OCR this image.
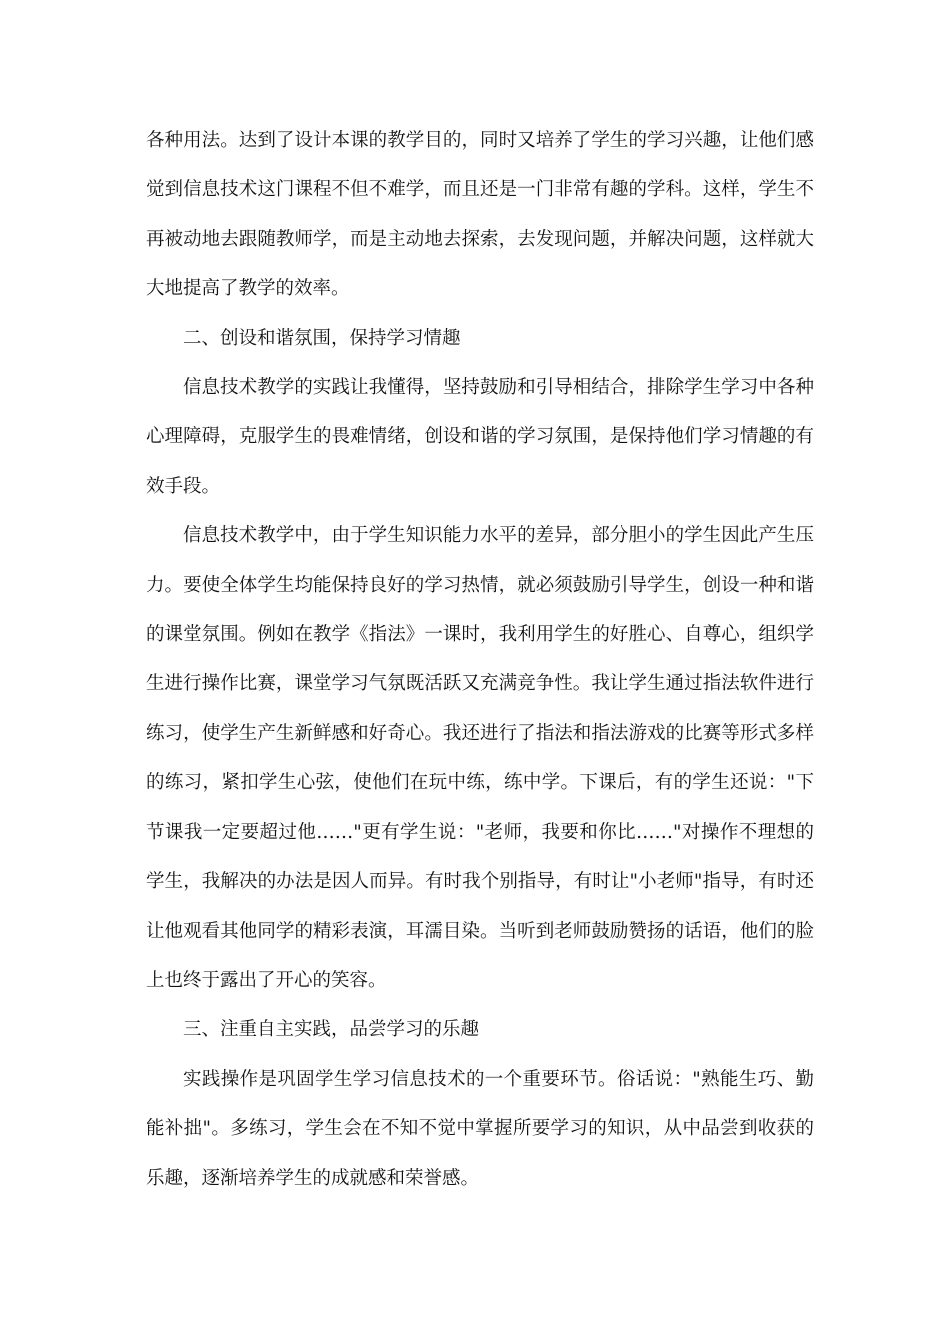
各种用法。达到了设计本课的教学目的，同时又培养了学生的学习兴趣，让他们感觉到信息技术这门课程不但不难学，而且还是一门非常有趣的学科。这样，学生不再被动地去跟随教师学，而是主动地去探索，去发现问题，并解决问题，这样就大大地提高了教学的效率。

二、创设和谐氛围，保持学习情趣

信息技术教学的实践让我懂得，坚持鼓励和引导相结合，排除学生学习中各种心理障碍，克服学生的畏难情绪，创设和谐的学习氛围，是保持他们学习情趣的有效手段。

信息技术教学中，由于学生知识能力水平的差异，部分胆小的学生因此产生压力。要使全体学生均能保持良好的学习热情，就必须鼓励引导学生，创设一种和谐的课堂氛围。例如在教学《指法》一课时，我利用学生的好胜心、自尊心，组织学生进行操作比赛，课堂学习气氛既活跃又充满竞争性。我让学生通过指法软件进行练习，使学生产生新鲜感和好奇心。我还进行了指法和指法游戏的比赛等形式多样的练习，紧扣学生心弦，使他们在玩中练，练中学。下课后，有的学生还说："下节课我一定要超过他……"更有学生说："老师，我要和你比……"对操作不理想的学生，我解决的办法是因人而异。有时我个别指导，有时让"小老师"指导，有时还让他观看其他同学的精彩表演，耳濡目染。当听到老师鼓励赞扬的话语，他们的脸上也终于露出了开心的笑容。

三、注重自主实践，品尝学习的乐趣

实践操作是巩固学生学习信息技术的一个重要环节。俗话说："熟能生巧、勤能补拙"。多练习，学生会在不知不觉中掌握所要学习的知识，从中品尝到收获的乐趣，逐渐培养学生的成就感和荣誉感。
